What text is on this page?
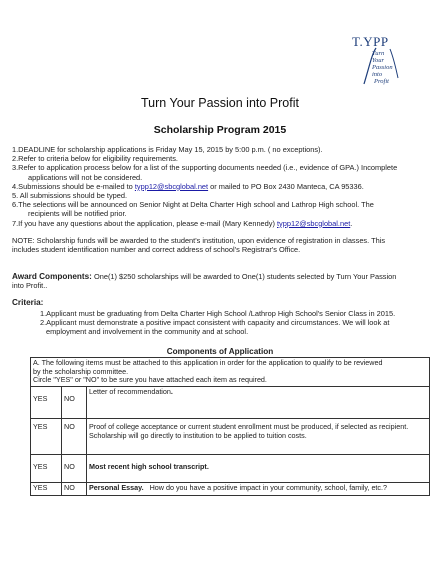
T.YPP
Turn
Your
Passion
into
Profit
Turn Your Passion into Profit
Scholarship Program 2015
1.DEADLINE for scholarship applications is Friday May 15, 2015 by 5:00 p.m. ( no exceptions).
2.Refer to criteria below for eligibility requirements.
3.Refer to application process below for a list of the supporting documents needed (i.e., evidence of GPA.) Incomplete
applications will not be considered.
4.Submissions should be e-mailed to typp12@sbcglobal.net or mailed to PO Box 2430 Manteca, CA 95336.
5. All submissions should be typed.
6.The selections will be announced on Senior Night at Delta Charter High school and Lathrop High school. The
recipients will be notified prior.
7.If you have any questions about the application, please e-mail (Mary Kennedy) typp12@sbcglobal.net.
NOTE: Scholarship funds will be awarded to the student's institution, upon evidence of registration in classes. This
includes student identification number and correct address of school's Registrar's Office.
Award Components: One(1) $250 scholarships will be awarded to One(1) students selected by Turn Your Passion
into Profit..
Criteria:
1.Applicant must be graduating from Delta Charter High School /Lathrop High School's Senior Class in 2015.
2.Applicant must demonstrate a positive impact consistent with capacity and circumstances. We will look at
employment and involvement in the community and at school.
Components of Application
A. The following items must be attached to this application in order for the application to qualify to be reviewed
by the scholarship committee.
Circle "YES" or "NO" to be sure you have attached each item as required.		

YES	NO	Letter of recommendation.
YES	NO	Proof of college acceptance or current student enrollment must be produced, if selected as recipient. Scholarship will go directly to institution to be applied to tuition costs.
YES	NO	Most recent high school transcript.
YES	NO	Personal Essay.   How do you have a positive impact in your community, school, family, etc.?
